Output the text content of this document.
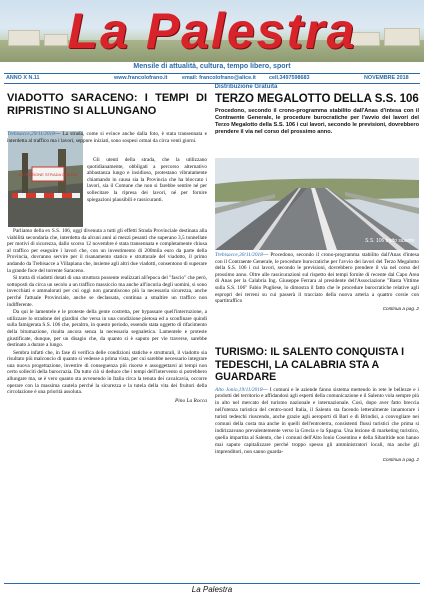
La Palestra
Mensile di attualità, cultura, tempo libero, sport
ANNO X N.11	www.francolofrano.it	email: francolofrano@alice.it cell.3497598683	NOVEMBRE 2018
Distribuzione Gratuita
VIADOTTO SARACENO: I TEMPI DI RIPRISTINO SI ALLUNGANO
ATTENZIONE STRADA CHIUSA

Trebisacce,29/11/2018— La strada, come si evince anche dalla foto, è stata transennata e interdetta al traffico ma i lavori, seppure iniziati, sono sospesi ormai da circa venti giorni.

Gli utenti della strada, che la utilizzano quotidianamente, obbligati a percorso alternativo abbastanza lungo e insidioso, protestano vibratamente chiamando in causa sia la Provincia che ha bloccato i lavori, sia il Comune che non si farebbe sentire né per sollecitare la ripresa dei lavori, né per fornire spiegazioni plausibili e rassicuranti.

Parliamo della ex S.S. 106, oggi divenuta a tutti gli effetti Strada Provinciale destinata alla viabilità secondaria che, interdetta da alcuni anni ai mezzi pesanti che superano 3,5 tonnellate per motivi di sicurezza, dallo scorso 12 novembre è stata transennata e completamente chiusa al traffico per eseguire i lavori che, con un investimento di 200mila euro da parte della Provincia, dovranno servire per il risanamento statico e strutturale del viadotto, il primo andando da Trebisacce a Villapiana che, insieme agli altri due viadotti, consentono di superare la grande foce del torrente Saraceno.

Si tratta di viadotti dotati di una struttura possente realizzati all'epoca del "fascio" che però, sottoposti da circa un secolo a un traffico massiccio ma anche all'incuria degli uomini, si sono invecchiati e ammalorati per cui oggi non garantiscono più la necessaria sicurezza, anche perché l'attuale Provinciale, anche se declassata, continua a smaltire un traffico non indifferente.

Da qui le lamentele e le proteste della gente costretta, per bypassare quell'interruzione, a utilizzare lo stradone dei giardini che versa in una condizione pietosa ed a sconfinare quindi sulla famigerata S.S. 106 che, peraltro, in questo periodo, essendo stata oggetto di rifacimento della bitumazione, risulta ancora senza la necessaria segnaletica. Lamentele e proteste giustificate, dunque, per un disagio che, da quanto si è saputo per vie traverse, sarebbe destinato a durare a lungo.

Sembra infatti che, in fase di verifica delle condizioni statiche e strutturali, il viadotto sia risultato più malconcio di quanto si vedesse a prima vista, per cui sarebbe necessario integrare una nuova progettazione, investire di conseguenza più risorse e assoggettarsi ai tempi non certo solleciti della burocrazia. Da tutto ciò si deduce che i tempi dell'intervento si potrebbero allungare ma, se è vero quanto sta avvenendo in Italia circa la tenuta dei cavalcavia, occorre operare con la massima cautela perché la sicurezza e la tutela della vita dei fruitori della circolazione è una priorità assoluta.

Pino La Rocca
TERZO MEGALOTTO DELLA S.S. 106

Procedono, secondo il crono-programma stabilito dall'Anas d'intesa con il Contraente Generale, le procedure burocratiche per l'avvio dei lavori del Terzo Megalotto della S.S. 106 i cui lavori, secondo le previsioni, dovrebbero prendere il via nel corso del prossimo anno.

S.S. 106 tratto sibarite

Trebisacce,30/11/2018— Procedono, secondo il crono-programma stabilito dall'Anas d'intesa con il Contraente Generale, le procedure burocratiche per l'avvio dei lavori del Terzo Megalotto della S.S. 106 i cui lavori, secondo le previsioni, dovrebbero prendere il via nel corso del prossimo anno. Oltre alle rassicurazioni sul rispetto dei tempi fornite di recente dal Capo Area di Anas per la Calabria Ing. Giuseppe Ferrara al presidente dell'Associazione "Basta Vittime sulla S.S. 106" Fabio Pugliese, lo dimostra il fatto che le procedure burocratiche relative agli espropri dei terreni su cui passerà il tracciato della nuova arteria a quattro corsie con spartitraffico

Continua a pag. 2
TURISMO: IL SALENTO CONQUISTA I TEDESCHI, LA CALABRIA STA A GUARDARE

Alto Jonio,19/11/2018— I comuni e le aziende fanno sistema mettendo in rete le bellezze e i prodotti del territorio e affidandosi agli esperti della comunicazione e il Salento vola sempre più in alto nel mercato del turismo nazionale e internazionale. Così, dopo aver fatto breccia nell'utenza turistica del centro-nord Italia, il Salento sta facendo letteralmente innamorare i turisti tedeschi riuscendo, anche grazie agli aeroporti di Bari e di Brindisi, a convogliare nei comuni della costa ma anche in quelli dell'entroterra, consistenti flussi turistici che prima si indirizzavano prevalentemente verso la Grecia e la Spagna. Una lezione di marketing turistico, quella impartita al Salento, che i comuni dell'Alto Ionio Cosentino e della Sibaritide non hanno mai saputo capitalizzare perché troppo spesso gli amministratori locali, ma anche gli imprenditori, non sanno guarda-

Continua a pag. 2
La Palestra
